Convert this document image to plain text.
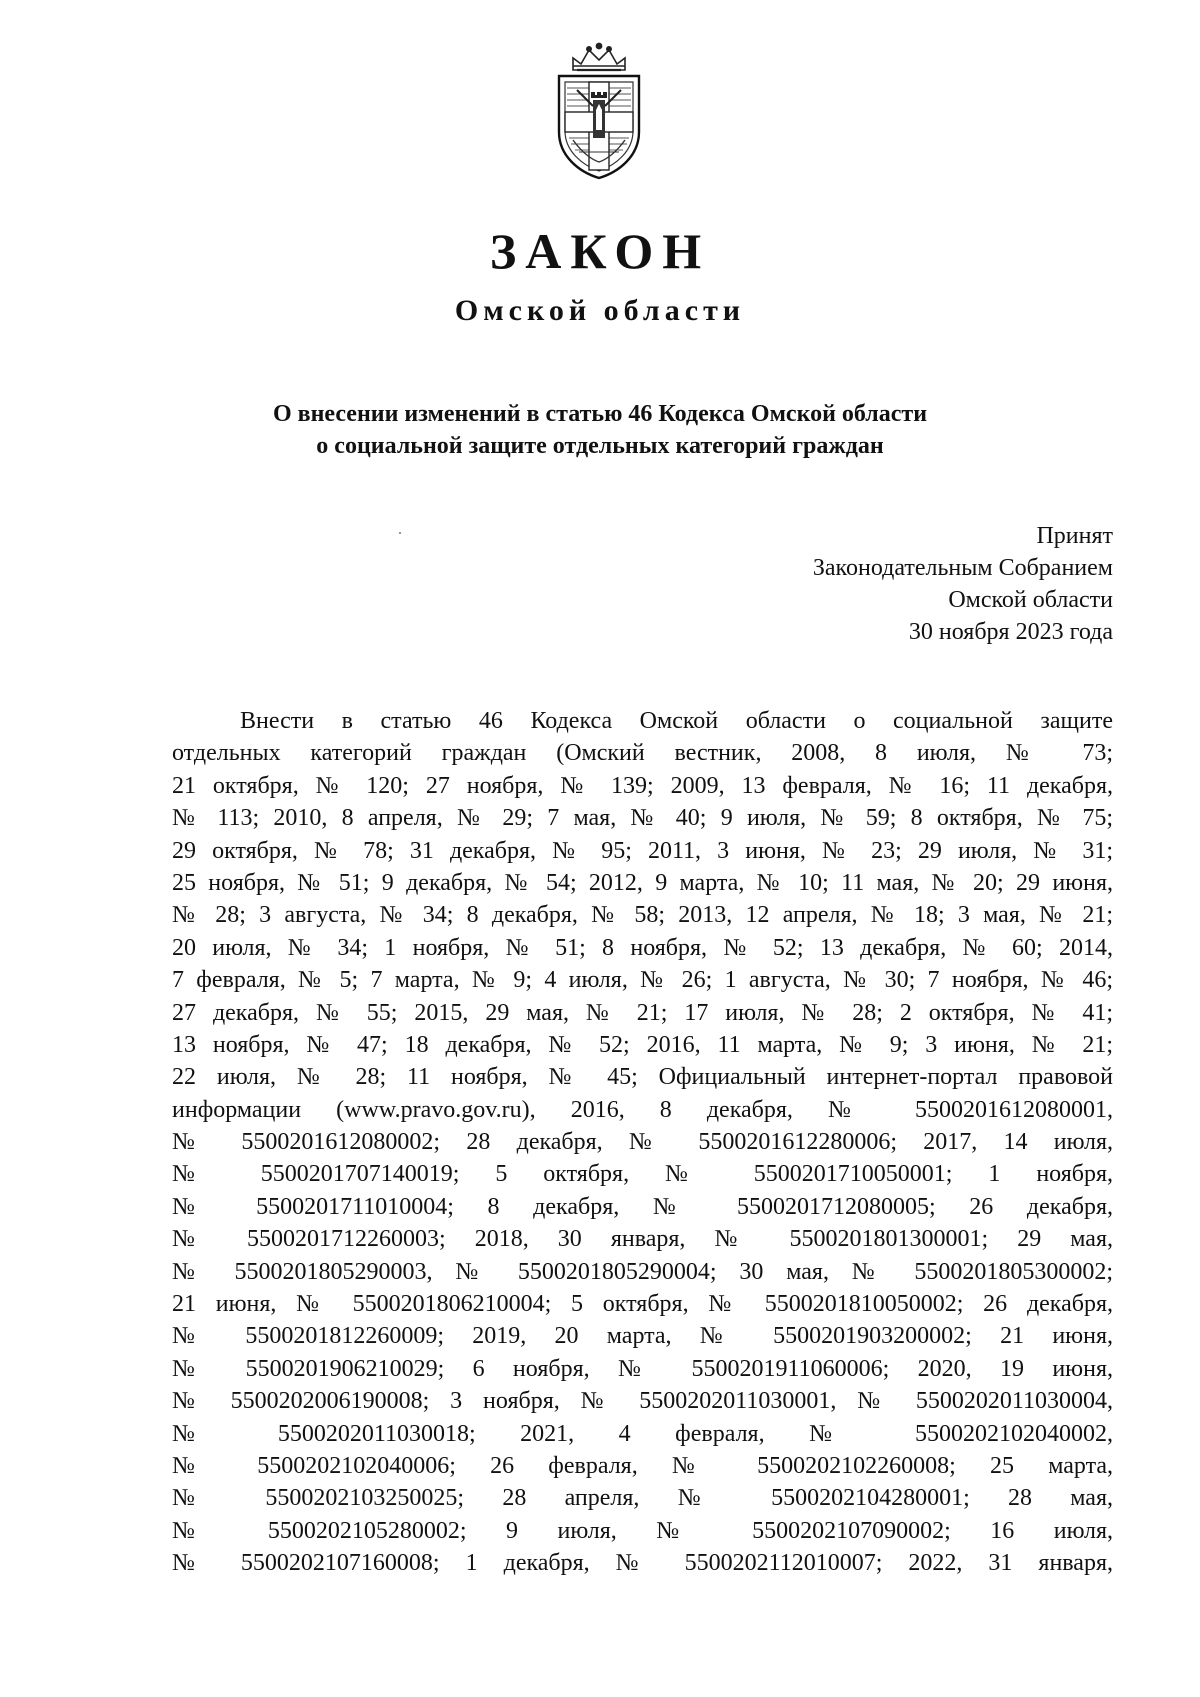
ЗАКОН
Омской области
О внесении изменений в статью 46 Кодекса Омской области
о социальной защите отдельных категорий граждан
Принят
Законодательным Собранием
Омской области
30 ноября 2023 года
Внести в статью 46 Кодекса Омской области о социальной защите
отдельных категорий граждан (Омский вестник, 2008, 8 июля, № 73;
21 октября, № 120; 27 ноября, № 139; 2009, 13 февраля, № 16; 11 декабря,
№ 113; 2010, 8 апреля, № 29; 7 мая, № 40; 9 июля, № 59; 8 октября, № 75;
29 октября, № 78; 31 декабря, № 95; 2011, 3 июня, № 23; 29 июля, № 31;
25 ноября, № 51; 9 декабря, № 54; 2012, 9 марта, № 10; 11 мая, № 20; 29 июня,
№ 28; 3 августа, № 34; 8 декабря, № 58; 2013, 12 апреля, № 18; 3 мая, № 21;
20 июля, № 34; 1 ноября, № 51; 8 ноября, № 52; 13 декабря, № 60; 2014,
7 февраля, № 5; 7 марта, № 9; 4 июля, № 26; 1 августа, № 30; 7 ноября, № 46;
27 декабря, № 55; 2015, 29 мая, № 21; 17 июля, № 28; 2 октября, № 41;
13 ноября, № 47; 18 декабря, № 52; 2016, 11 марта, № 9; 3 июня, № 21;
22 июля, № 28; 11 ноября, № 45; Официальный интернет-портал правовой
информации (www.pravo.gov.ru), 2016, 8 декабря, № 5500201612080001,
№ 5500201612080002; 28 декабря, № 5500201612280006; 2017, 14 июля,
№ 5500201707140019; 5 октября, № 5500201710050001; 1 ноября,
№ 5500201711010004; 8 декабря, № 5500201712080005; 26 декабря,
№ 5500201712260003; 2018, 30 января, № 5500201801300001; 29 мая,
№ 5500201805290003, № 5500201805290004; 30 мая, № 5500201805300002;
21 июня, № 5500201806210004; 5 октября, № 5500201810050002; 26 декабря,
№ 5500201812260009; 2019, 20 марта, № 5500201903200002; 21 июня,
№ 5500201906210029; 6 ноября, № 5500201911060006; 2020, 19 июня,
№ 5500202006190008; 3 ноября, № 5500202011030001, № 5500202011030004,
№ 5500202011030018; 2021, 4 февраля, № 5500202102040002,
№ 5500202102040006; 26 февраля, № 5500202102260008; 25 марта,
№ 5500202103250025; 28 апреля, № 5500202104280001; 28 мая,
№ 5500202105280002; 9 июля, № 5500202107090002; 16 июля,
№ 5500202107160008; 1 декабря, № 5500202112010007; 2022, 31 января,
